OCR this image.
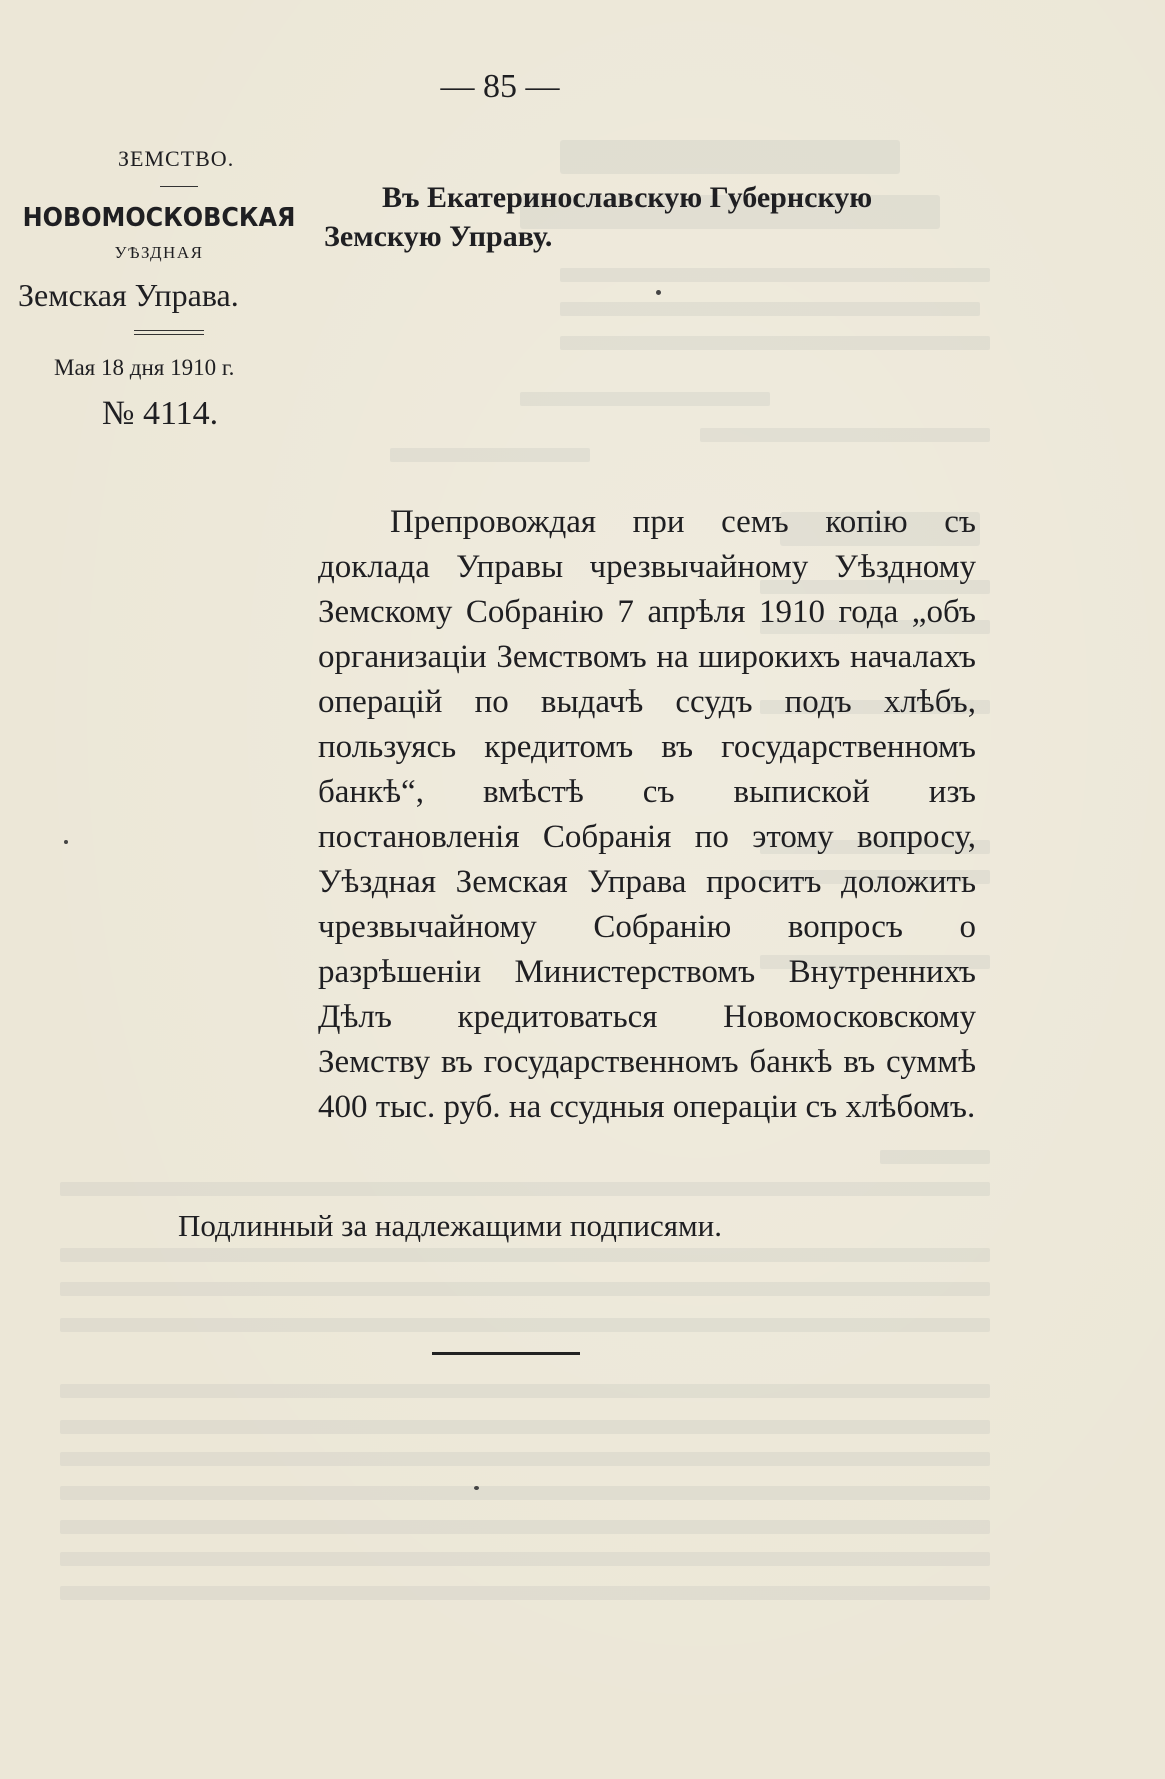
— 85 —
ЗЕМСТВО.
НОВОМОСКОВСКАЯ
УѢЗДНАЯ
Земская Управа.
Мая 18 дня 1910 г.
№ 4114.
Въ Екатеринославскую Губернскую
Земскую Управу.
Препровождая при семъ копію съ доклада Управы чрезвычайному Уѣздному Земскому Собранію 7 апрѣля 1910 года „объ организаціи Земствомъ на широкихъ началахъ операцій по выдачѣ ссудъ подъ хлѣбъ, пользуясь кредитомъ въ государственномъ банкѣ“, вмѣстѣ съ выпиской изъ постановленія Собранія по этому вопросу, Уѣздная Земская Управа проситъ доложить чрезвычайному Собранію вопросъ о разрѣшеніи Министерствомъ Внутреннихъ Дѣлъ кредитоваться Новомосковскому Земству въ государственномъ банкѣ въ суммѣ 400 тыс. руб. на ссудныя операціи съ хлѣбомъ.
Подлинный за надлежащими подписями.
